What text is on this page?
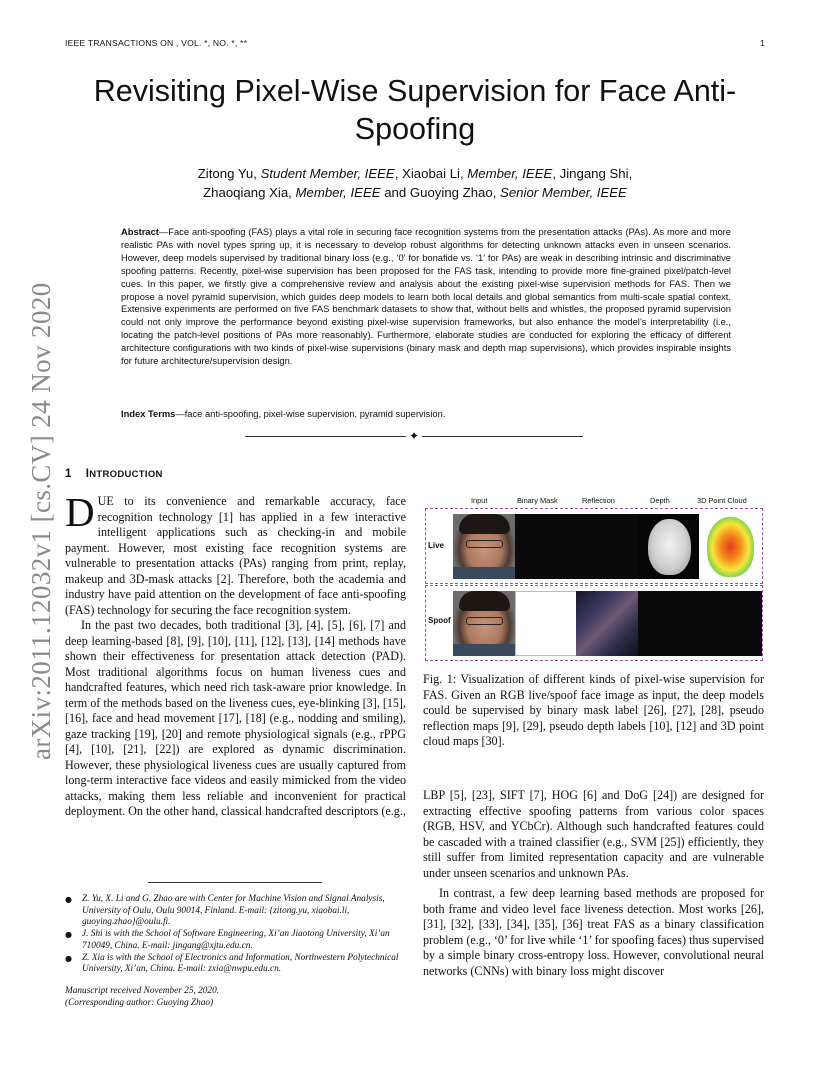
IEEE TRANSACTIONS ON , VOL. *, NO. *, **	1
arXiv:2011.12032v1 [cs.CV] 24 Nov 2020
Revisiting Pixel-Wise Supervision for Face Anti-Spoofing
Zitong Yu, Student Member, IEEE, Xiaobai Li, Member, IEEE, Jingang Shi,
Zhaoqiang Xia, Member, IEEE and Guoying Zhao, Senior Member, IEEE
Abstract—Face anti-spoofing (FAS) plays a vital role in securing face recognition systems from the presentation attacks (PAs). As more and more realistic PAs with novel types spring up, it is necessary to develop robust algorithms for detecting unknown attacks even in unseen scenarios. However, deep models supervised by traditional binary loss (e.g., ‘0’ for bonafide vs. ‘1’ for PAs) are weak in describing intrinsic and discriminative spoofing patterns. Recently, pixel-wise supervision has been proposed for the FAS task, intending to provide more fine-grained pixel/patch-level cues. In this paper, we firstly give a comprehensive review and analysis about the existing pixel-wise supervision methods for FAS. Then we propose a novel pyramid supervision, which guides deep models to learn both local details and global semantics from multi-scale spatial context. Extensive experiments are performed on five FAS benchmark datasets to show that, without bells and whistles, the proposed pyramid supervision could not only improve the performance beyond existing pixel-wise supervision frameworks, but also enhance the model’s interpretability (i.e., locating the patch-level positions of PAs more reasonably). Furthermore, elaborate studies are conducted for exploring the efficacy of different architecture configurations with two kinds of pixel-wise supervisions (binary mask and depth map supervisions), which provides inspirable insights for future architecture/supervision design.
Index Terms—face anti-spoofing, pixel-wise supervision, pyramid supervision.
✦
1 INTRODUCTION

DUE to its convenience and remarkable accuracy, face recognition technology [1] has applied in a few interactive intelligent applications such as checking-in and mobile payment. However, most existing face recognition systems are vulnerable to presentation attacks (PAs) ranging from print, replay, makeup and 3D-mask attacks [2]. Therefore, both the academia and industry have paid attention on the development of face anti-spoofing (FAS) technology for securing the face recognition system.

In the past two decades, both traditional [3], [4], [5], [6], [7] and deep learning-based [8], [9], [10], [11], [12], [13], [14] methods have shown their effectiveness for presentation attack detection (PAD). Most traditional algorithms focus on human liveness cues and handcrafted features, which need rich task-aware prior knowledge. In term of the methods based on the liveness cues, eye-blinking [3], [15], [16], face and head movement [17], [18] (e.g., nodding and smiling), gaze tracking [19], [20] and remote physiological signals (e.g., rPPG [4], [10], [21], [22]) are explored as dynamic discrimination. However, these physiological liveness cues are usually captured from long-term interactive face videos and easily mimicked from the video attacks, making them less reliable and inconvenient for practical deployment. On the other hand, classical handcrafted descriptors (e.g.,

● Z. Yu, X. Li and G. Zhao are with Center for Machine Vision and Signal Analysis, University of Oulu, Oulu 90014, Finland. E-mail: {zitong.yu, xiaobai.li, guoying.zhao}@oulu.fi.
● J. Shi is with the School of Software Engineering, Xi’an Jiaotong University, Xi’an 710049, China. E-mail: jingang@xjtu.edu.cn.
● Z. Xia is with the School of Electronics and Information, Northwestern Polytechnical University, Xi’an, China. E-mail: zxia@nwpu.edu.cn.
Manuscript received November 25, 2020.
(Corresponding author: Guoying Zhao)
Input	Binary Mask	Reflection	Depth	3D Point Cloud
Live
Spoof
Fig. 1: Visualization of different kinds of pixel-wise supervision for FAS. Given an RGB live/spoof face image as input, the deep models could be supervised by binary mask label [26], [27], [28], pseudo reflection maps [9], [29], pseudo depth labels [10], [12] and 3D point cloud maps [30].

LBP [5], [23], SIFT [7], HOG [6] and DoG [24]) are designed for extracting effective spoofing patterns from various color spaces (RGB, HSV, and YCbCr). Although such handcrafted features could be cascaded with a trained classifier (e.g., SVM [25]) efficiently, they still suffer from limited representation capacity and are vulnerable under unseen scenarios and unknown PAs.

In contrast, a few deep learning based methods are proposed for both frame and video level face liveness detection. Most works [26], [31], [32], [33], [34], [35], [36] treat FAS as a binary classification problem (e.g., ‘0’ for live while ‘1’ for spoofing faces) thus supervised by a simple binary cross-entropy loss. However, convolutional neural networks (CNNs) with binary loss might discover
